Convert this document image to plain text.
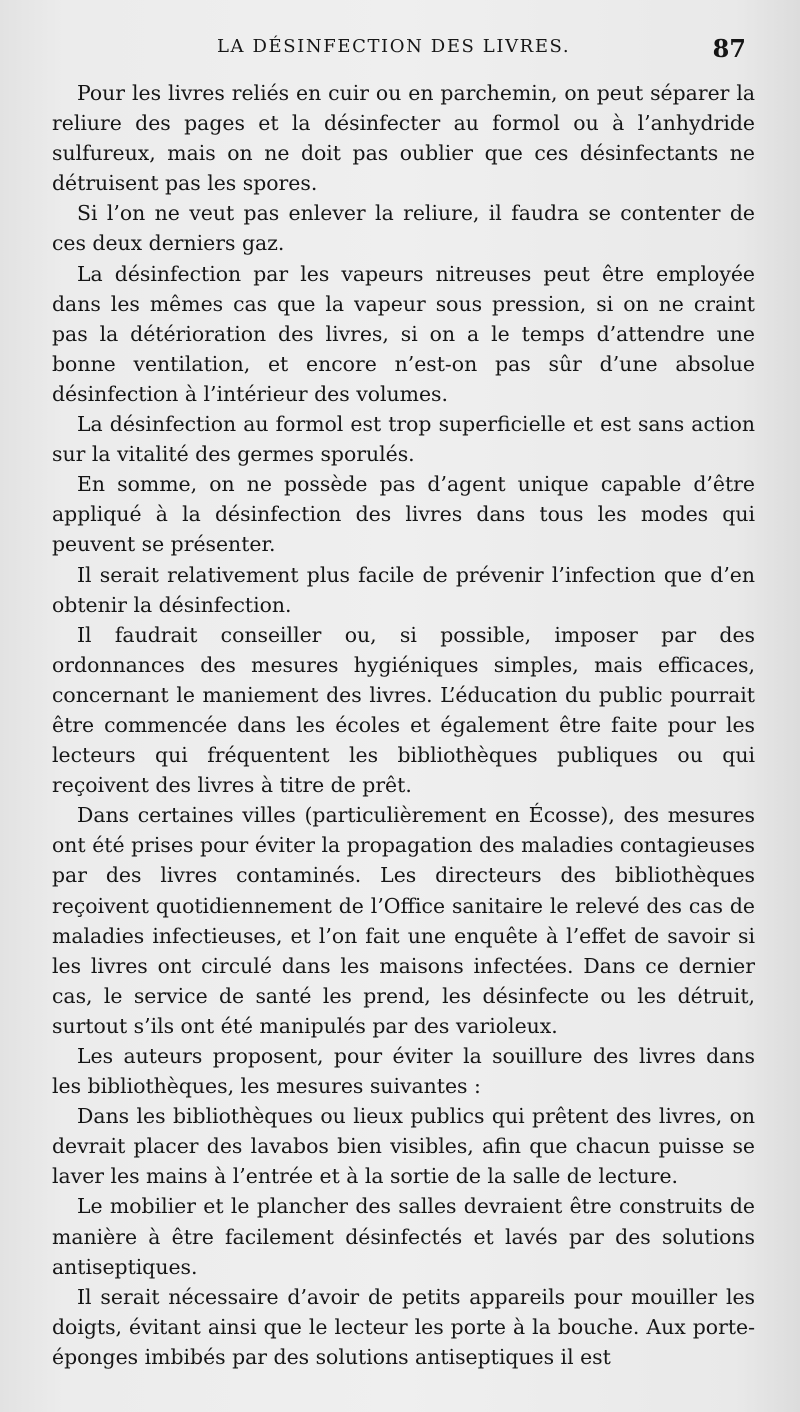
LA DÉSINFECTION DES LIVRES.	87

Pour les livres reliés en cuir ou en parchemin, on peut séparer la reliure des pages et la désinfecter au formol ou à l’anhydride sulfureux, mais on ne doit pas oublier que ces désinfectants ne détruisent pas les spores.

Si l’on ne veut pas enlever la reliure, il faudra se contenter de ces deux derniers gaz.

La désinfection par les vapeurs nitreuses peut être employée dans les mêmes cas que la vapeur sous pression, si on ne craint pas la détérioration des livres, si on a le temps d’attendre une bonne ventilation, et encore n’est-on pas sûr d’une absolue désinfection à l’intérieur des volumes.

La désinfection au formol est trop superficielle et est sans action sur la vitalité des germes sporulés.

En somme, on ne possède pas d’agent unique capable d’être appliqué à la désinfection des livres dans tous les modes qui peuvent se présenter.

Il serait relativement plus facile de prévenir l’infection que d’en obtenir la désinfection.

Il faudrait conseiller ou, si possible, imposer par des ordonnances des mesures hygiéniques simples, mais efficaces, concernant le maniement des livres. L’éducation du public pourrait être commencée dans les écoles et également être faite pour les lecteurs qui fréquentent les bibliothèques publiques ou qui reçoivent des livres à titre de prêt.

Dans certaines villes (particulièrement en Écosse), des mesures ont été prises pour éviter la propagation des maladies contagieuses par des livres contaminés. Les directeurs des bibliothèques reçoivent quotidiennement de l’Office sanitaire le relevé des cas de maladies infectieuses, et l’on fait une enquête à l’effet de savoir si les livres ont circulé dans les maisons infectées. Dans ce dernier cas, le service de santé les prend, les désinfecte ou les détruit, surtout s’ils ont été manipulés par des varioleux.

Les auteurs proposent, pour éviter la souillure des livres dans les bibliothèques, les mesures suivantes :

Dans les bibliothèques ou lieux publics qui prêtent des livres, on devrait placer des lavabos bien visibles, afin que chacun puisse se laver les mains à l’entrée et à la sortie de la salle de lecture.

Le mobilier et le plancher des salles devraient être construits de manière à être facilement désinfectés et lavés par des solutions antiseptiques.

Il serait nécessaire d’avoir de petits appareils pour mouiller les doigts, évitant ainsi que le lecteur les porte à la bouche. Aux porte-éponges imbibés par des solutions antiseptiques il est
